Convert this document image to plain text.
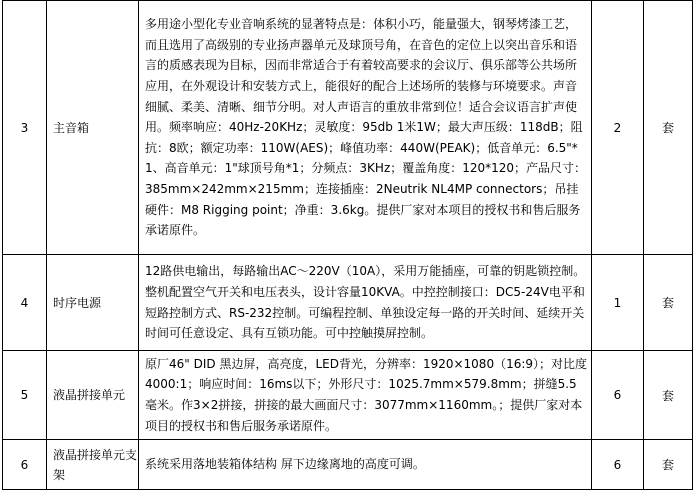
3	主音箱	多用途小型化专业音响系统的显著特点是：体积小巧，能量强大，钢琴烤漆工艺，而且选用了高级别的专业扬声器单元及球顶号角，在音色的定位上以突出音乐和语言的质感表现为目标，因而非常适合于有着较高要求的会议厅、俱乐部等公共场所应用，在外观设计和安装方式上，能很好的配合上述场所的装修与环境要求。声音细腻、柔美、清晰、细节分明。对人声语言的重放非常到位！适合会议语言扩声使用。频率响应：40Hz-20KHz；灵敏度：95db 1米1W；最大声压级：118dB；阻抗：8欧；额定功率：110W(AES)；峰值功率：440W(PEAK)；低音单元：6.5"*1、高音单元：1"球顶号角*1；分频点：3KHz；覆盖角度：120*120；产品尺寸：385mm×242mm×215mm；连接插座：2Neutrik NL4MP connectors；吊挂硬件：M8 Rigging point；净重：3.6kg。提供厂家对本项目的授权书和售后服务承诺原件。	2	套
4	时序电源	12路供电输出，每路输出AC～220V（10A），采用万能插座，可靠的钥匙锁控制。整机配置空气开关和电压表头，设计容量10KVA。中控控制接口：DC5-24V电平和短路控制方式、RS-232控制。可编程控制、单独设定每一路的开关时间、延续开关时间可任意设定、具有互锁功能。可中控触摸屏控制。	1	套
5	液晶拼接单元	原厂46" DID 黑边屏，高亮度，LED背光，分辨率：1920×1080（16:9）；对比度4000:1；响应时间：16ms以下；外形尺寸：1025.7mm×579.8mm；拼缝5.5毫米。作3×2拼接，拼接的最大画面尺寸：3077mm×1160mm。；提供厂家对本项目的授权书和售后服务承诺原件。	6	套
6	液晶拼接单元支架	系统采用落地装箱体结构 屏下边缘离地的高度可调。	6	套
